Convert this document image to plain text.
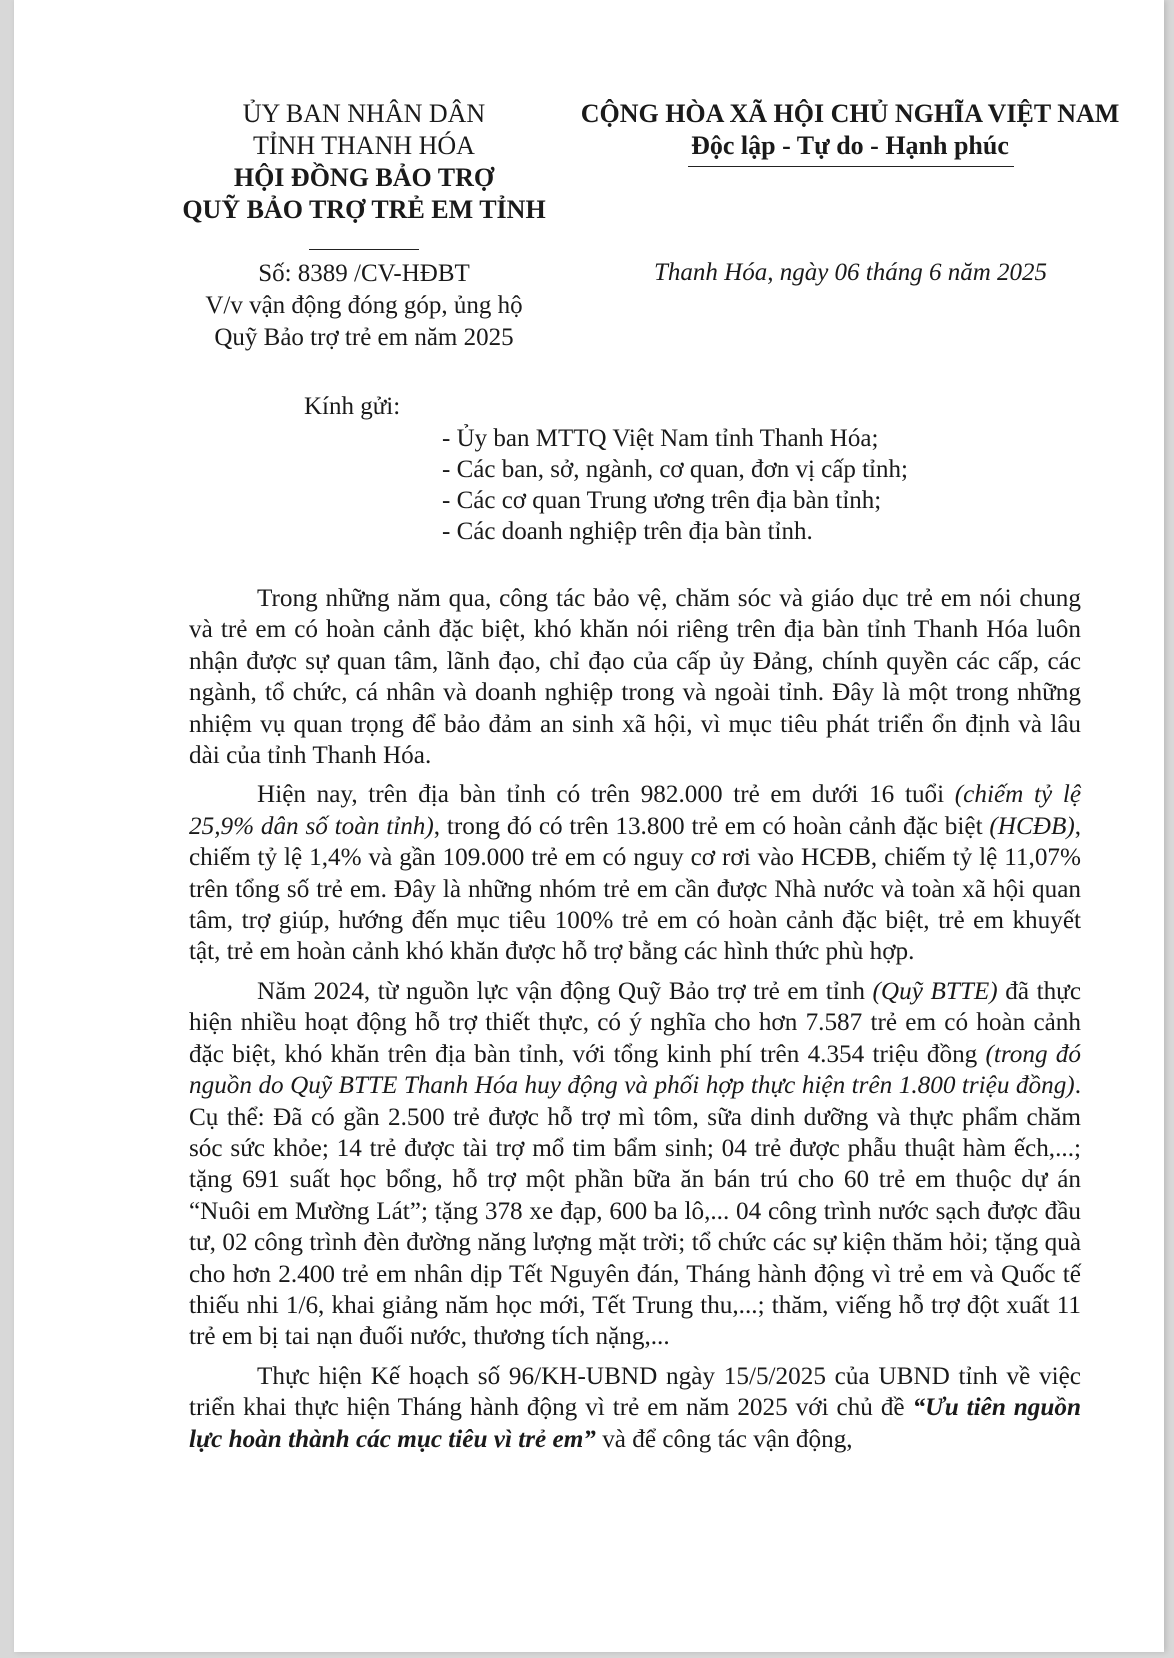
ỦY BAN NHÂN DÂN
TỈNH THANH HÓA
HỘI ĐỒNG BẢO TRỢ
QUỸ BẢO TRỢ TRẺ EM TỈNH
CỘNG HÒA XÃ HỘI CHỦ NGHĨA VIỆT NAM
Độc lập - Tự do - Hạnh phúc
Số: 8389 /CV-HĐBT
V/v vận động đóng góp, ủng hộ
Quỹ Bảo trợ trẻ em năm 2025
Thanh Hóa, ngày 06 tháng 6 năm 2025
Kính gửi:
- Ủy ban MTTQ Việt Nam tỉnh Thanh Hóa;
- Các ban, sở, ngành, cơ quan, đơn vị cấp tỉnh;
- Các cơ quan Trung ương trên địa bàn tỉnh;
- Các doanh nghiệp trên địa bàn tỉnh.

Trong những năm qua, công tác bảo vệ, chăm sóc và giáo dục trẻ em nói chung và trẻ em có hoàn cảnh đặc biệt, khó khăn nói riêng trên địa bàn tỉnh Thanh Hóa luôn nhận được sự quan tâm, lãnh đạo, chỉ đạo của cấp ủy Đảng, chính quyền các cấp, các ngành, tổ chức, cá nhân và doanh nghiệp trong và ngoài tỉnh. Đây là một trong những nhiệm vụ quan trọng để bảo đảm an sinh xã hội, vì mục tiêu phát triển ổn định và lâu dài của tỉnh Thanh Hóa.

Hiện nay, trên địa bàn tỉnh có trên 982.000 trẻ em dưới 16 tuổi (chiếm tỷ lệ 25,9% dân số toàn tỉnh), trong đó có trên 13.800 trẻ em có hoàn cảnh đặc biệt (HCĐB), chiếm tỷ lệ 1,4% và gần 109.000 trẻ em có nguy cơ rơi vào HCĐB, chiếm tỷ lệ 11,07% trên tổng số trẻ em. Đây là những nhóm trẻ em cần được Nhà nước và toàn xã hội quan tâm, trợ giúp, hướng đến mục tiêu 100% trẻ em có hoàn cảnh đặc biệt, trẻ em khuyết tật, trẻ em hoàn cảnh khó khăn được hỗ trợ bằng các hình thức phù hợp.

Năm 2024, từ nguồn lực vận động Quỹ Bảo trợ trẻ em tỉnh (Quỹ BTTE) đã thực hiện nhiều hoạt động hỗ trợ thiết thực, có ý nghĩa cho hơn 7.587 trẻ em có hoàn cảnh đặc biệt, khó khăn trên địa bàn tỉnh, với tổng kinh phí trên 4.354 triệu đồng (trong đó nguồn do Quỹ BTTE Thanh Hóa huy động và phối hợp thực hiện trên 1.800 triệu đồng). Cụ thể: Đã có gần 2.500 trẻ được hỗ trợ mì tôm, sữa dinh dưỡng và thực phẩm chăm sóc sức khỏe; 14 trẻ được tài trợ mổ tim bẩm sinh; 04 trẻ được phẫu thuật hàm ếch,...; tặng 691 suất học bổng, hỗ trợ một phần bữa ăn bán trú cho 60 trẻ em thuộc dự án “Nuôi em Mường Lát”; tặng 378 xe đạp, 600 ba lô,... 04 công trình nước sạch được đầu tư, 02 công trình đèn đường năng lượng mặt trời; tổ chức các sự kiện thăm hỏi; tặng quà cho hơn 2.400 trẻ em nhân dịp Tết Nguyên đán, Tháng hành động vì trẻ em và Quốc tế thiếu nhi 1/6, khai giảng năm học mới, Tết Trung thu,...; thăm, viếng hỗ trợ đột xuất 11 trẻ em bị tai nạn đuối nước, thương tích nặng,...

Thực hiện Kế hoạch số 96/KH-UBND ngày 15/5/2025 của UBND tỉnh về việc triển khai thực hiện Tháng hành động vì trẻ em năm 2025 với chủ đề “Ưu tiên nguồn lực hoàn thành các mục tiêu vì trẻ em” và để công tác vận động,
